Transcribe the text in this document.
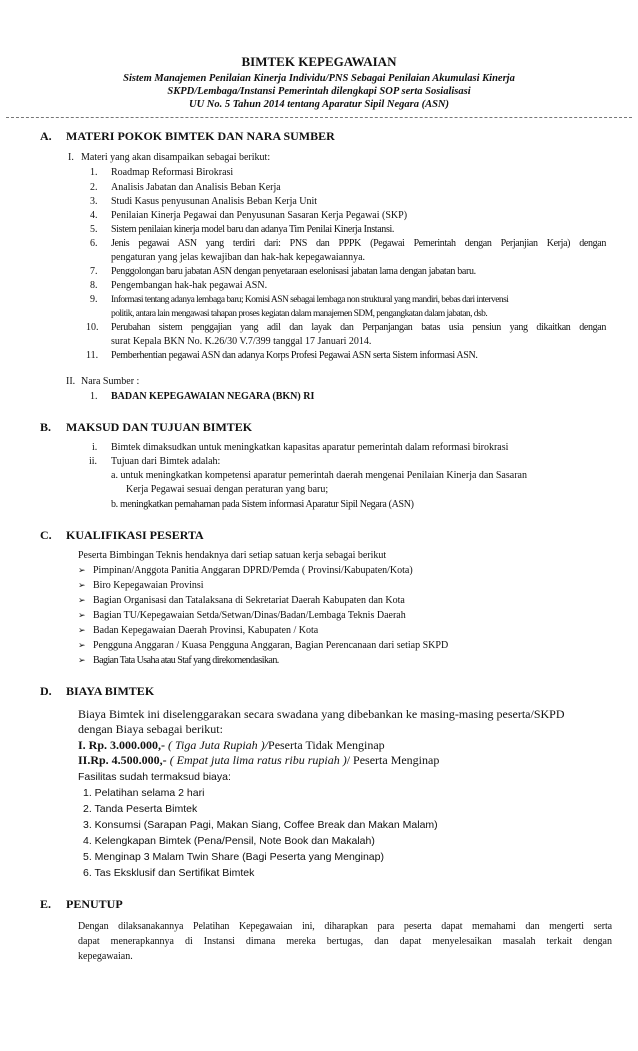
BIMTEK KEPEGAWAIAN
Sistem Manajemen Penilaian Kinerja Individu/PNS Sebagai Penilaian Akumulasi Kinerja
SKPD/Lembaga/Instansi Pemerintah dilengkapi SOP serta Sosialisasi
UU No. 5 Tahun 2014 tentang Aparatur Sipil Negara (ASN)
A. MATERI POKOK BIMTEK DAN NARA SUMBER
I. Materi yang akan disampaikan sebagai berikut:
1. Roadmap Reformasi Birokrasi
2. Analisis Jabatan dan Analisis Beban Kerja
3. Studi Kasus penyusunan Analisis Beban Kerja Unit
4. Penilaian Kinerja Pegawai dan Penyusunan Sasaran Kerja Pegawai (SKP)
5. Sistem penilaian kinerja model baru dan adanya Tim Penilai Kinerja Instansi.
6. Jenis pegawai ASN yang terdiri dari: PNS dan PPPK (Pegawai Pemerintah dengan Perjanjian Kerja) dengan
pengaturan yang jelas kewajiban dan hak-hak kepegawaiannya.
7. Penggolongan baru jabatan ASN dengan penyetaraan eselonisasi jabatan lama dengan jabatan baru.
8. Pengembangan hak-hak pegawai ASN.
9. Informasi tentang adanya lembaga baru; Komisi ASN sebagai lembaga non struktural yang mandiri, bebas dari intervensi
politik, antara lain mengawasi tahapan proses kegiatan dalam manajemen SDM, pengangkatan dalam jabatan, dsb.
10. Perubahan sistem penggajian yang adil dan layak dan Perpanjangan batas usia pensiun yang dikaitkan dengan
surat Kepala BKN No. K.26/30 V.7/399 tanggal 17 Januari 2014.
11. Pemberhentian pegawai ASN dan adanya Korps Profesi Pegawai ASN serta Sistem informasi ASN.
II. Nara Sumber :
1. BADAN KEPEGAWAIAN NEGARA (BKN) RI
B. MAKSUD DAN TUJUAN BIMTEK
i. Bimtek dimaksudkan untuk meningkatkan kapasitas aparatur pemerintah dalam reformasi birokrasi
ii. Tujuan dari Bimtek adalah:
a. untuk meningkatkan kompetensi aparatur pemerintah daerah mengenai Penilaian Kinerja dan Sasaran
Kerja Pegawai sesuai dengan peraturan yang baru;
b. meningkatkan pemahaman pada Sistem informasi Aparatur Sipil Negara (ASN)
C. KUALIFIKASI PESERTA
Peserta Bimbingan Teknis hendaknya dari setiap satuan kerja sebagai berikut
➢ Pimpinan/Anggota Panitia Anggaran DPRD/Pemda ( Provinsi/Kabupaten/Kota)
➢ Biro Kepegawaian Provinsi
➢ Bagian Organisasi dan Tatalaksana di Sekretariat Daerah Kabupaten dan Kota
➢ Bagian TU/Kepegawaian Setda/Setwan/Dinas/Badan/Lembaga Teknis Daerah
➢ Badan Kepegawaian Daerah Provinsi, Kabupaten / Kota
➢ Pengguna Anggaran / Kuasa Pengguna Anggaran, Bagian Perencanaan dari setiap SKPD
➢ Bagian Tata Usaha atau Staf yang direkomendasikan.
D. BIAYA BIMTEK
Biaya Bimtek ini diselenggarakan secara swadana yang dibebankan ke masing-masing peserta/SKPD
dengan Biaya sebagai berikut:
I. Rp. 3.000.000,- ( Tiga Juta Rupiah )/Peserta Tidak Menginap
II.Rp. 4.500.000,- ( Empat juta lima ratus ribu rupiah )/ Peserta Menginap
Fasilitas sudah termaksud biaya:
1. Pelatihan selama 2 hari
2. Tanda Peserta Bimtek
3. Konsumsi (Sarapan Pagi, Makan Siang, Coffee Break dan Makan Malam)
4. Kelengkapan Bimtek (Pena/Pensil, Note Book dan Makalah)
5. Menginap 3 Malam Twin Share (Bagi Peserta yang Menginap)
6. Tas Eksklusif dan Sertifikat Bimtek
E. PENUTUP
Dengan dilaksanakannya Pelatihan Kepegawaian ini, diharapkan para peserta dapat memahami dan mengerti serta
dapat menerapkannya di Instansi dimana mereka bertugas, dan dapat menyelesaikan masalah terkait dengan
kepegawaian.
